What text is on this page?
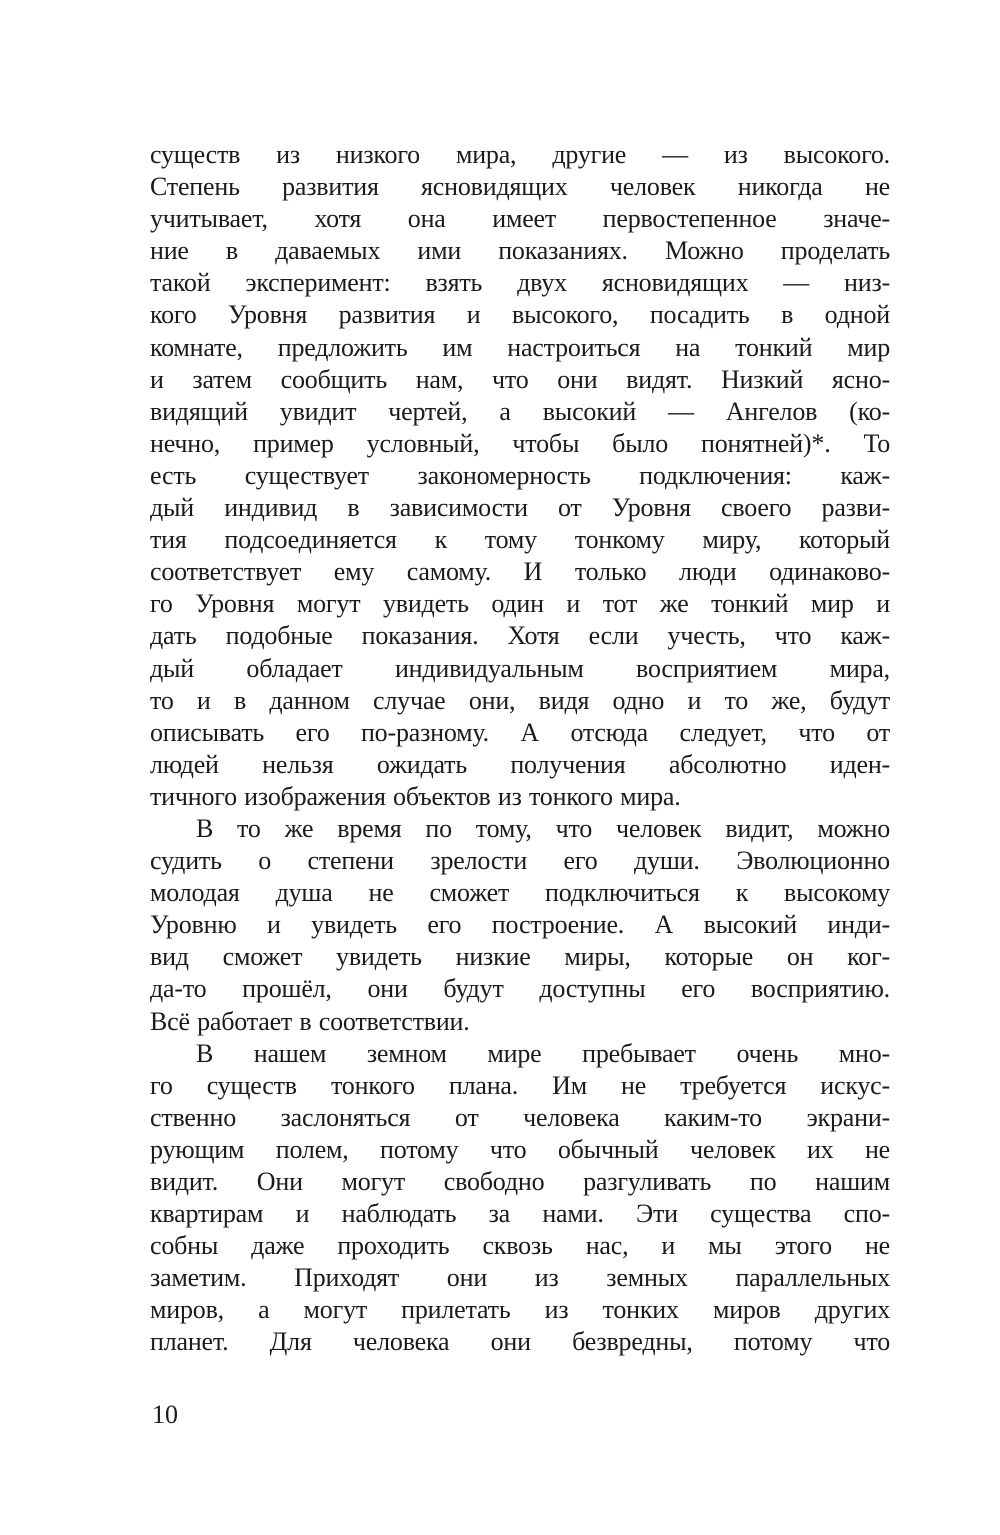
существ из низкого мира, другие — из высокого.
Степень развития ясновидящих человек никогда не
учитывает, хотя она имеет первостепенное значе-
ние в даваемых ими показаниях. Можно проделать
такой эксперимент: взять двух ясновидящих — низ-
кого Уровня развития и высокого, посадить в одной
комнате, предложить им настроиться на тонкий мир
и затем сообщить нам, что они видят. Низкий ясно-
видящий увидит чертей, а высокий — Ангелов (ко-
нечно, пример условный, чтобы было понятней)*. То
есть существует закономерность подключения: каж-
дый индивид в зависимости от Уровня своего разви-
тия подсоединяется к тому тонкому миру, который
соответствует ему самому. И только люди одинаково-
го Уровня могут увидеть один и тот же тонкий мир и
дать подобные показания. Хотя если учесть, что каж-
дый обладает индивидуальным восприятием мира,
то и в данном случае они, видя одно и то же, будут
описывать его по-разному. А отсюда следует, что от
людей нельзя ожидать получения абсолютно иден-
тичного изображения объектов из тонкого мира.
В то же время по тому, что человек видит, можно
судить о степени зрелости его души. Эволюционно
молодая душа не сможет подключиться к высокому
Уровню и увидеть его построение. А высокий инди-
вид сможет увидеть низкие миры, которые он ког-
да-то прошёл, они будут доступны его восприятию.
Всё работает в соответствии.
В нашем земном мире пребывает очень мно-
го существ тонкого плана. Им не требуется искус-
ственно заслоняться от человека каким-то экрани-
рующим полем, потому что обычный человек их не
видит. Они могут свободно разгуливать по нашим
квартирам и наблюдать за нами. Эти существа спо-
собны даже проходить сквозь нас, и мы этого не
заметим. Приходят они из земных параллельных
миров, а могут прилетать из тонких миров других
планет. Для человека они безвредны, потому что
10
